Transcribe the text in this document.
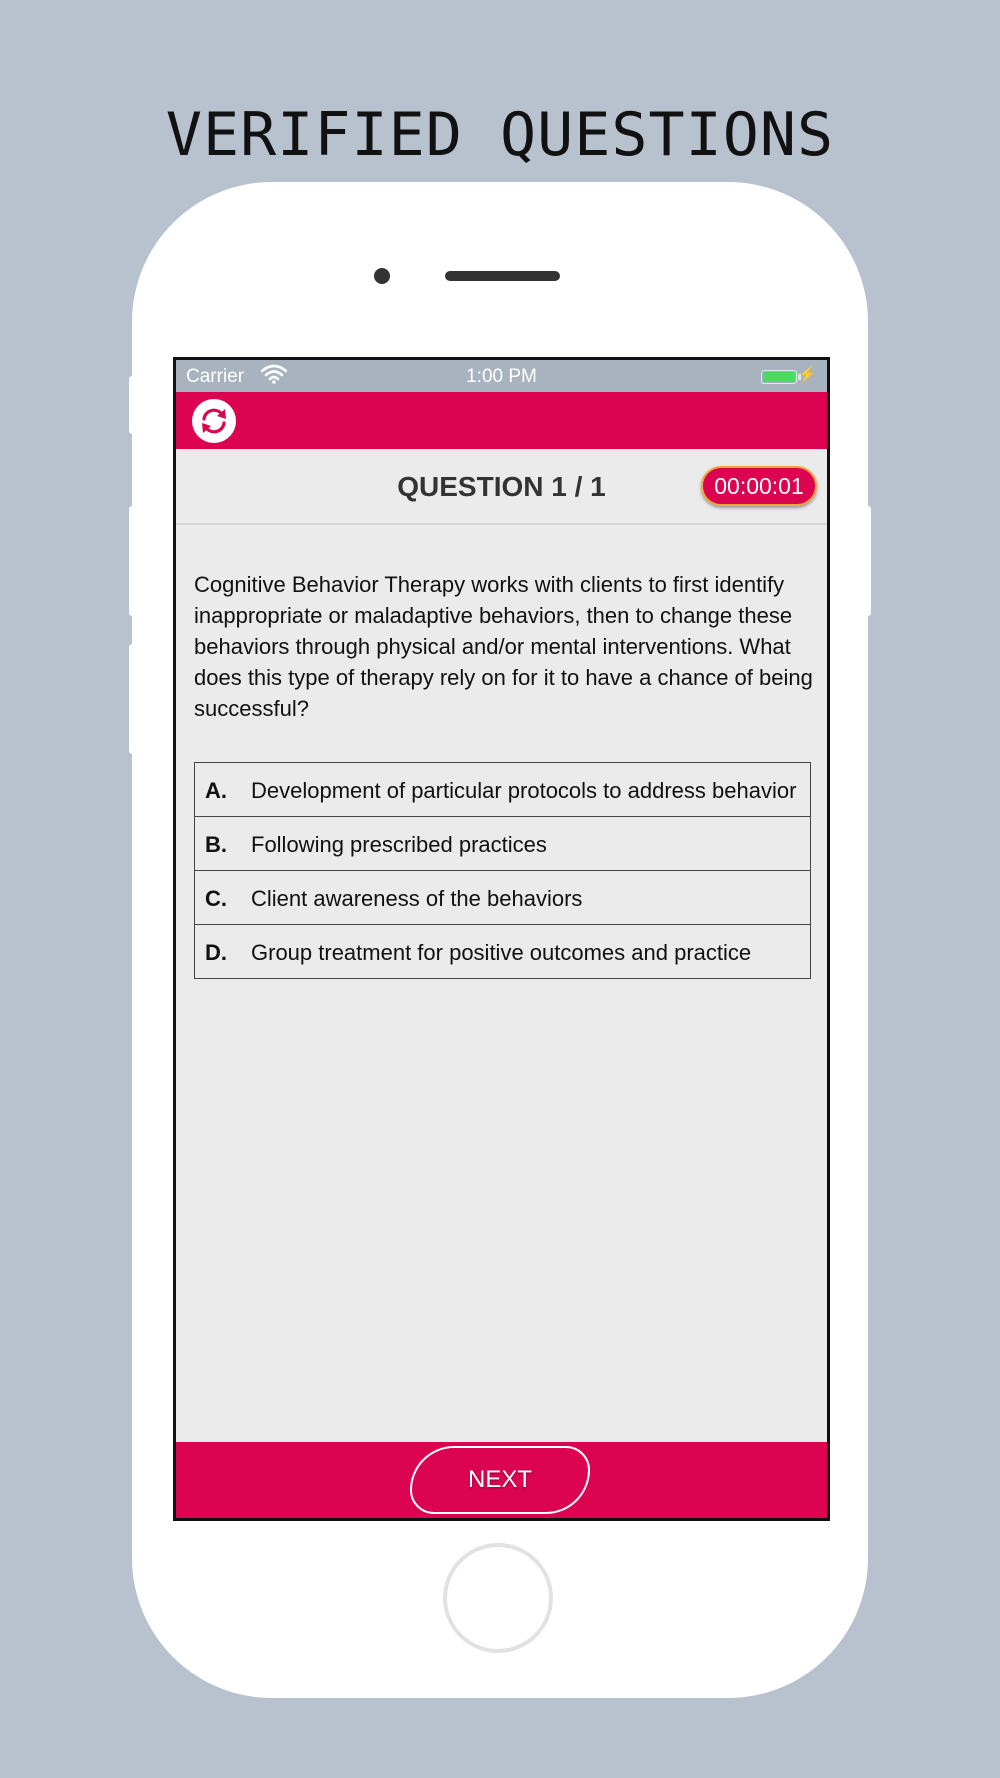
VERIFIED QUESTIONS
Carrier	1:00 PM	⚡
QUESTION 1 / 1	00:00:01
Cognitive Behavior Therapy works with clients to first identify inappropriate or maladaptive behaviors, then to change these behaviors through physical and/or mental interventions. What does this type of therapy rely on for it to have a chance of being successful?
A.	Development of particular protocols to address behavior
B.	Following prescribed practices
C.	Client awareness of the behaviors
D.	Group treatment for positive outcomes and practice
NEXT
